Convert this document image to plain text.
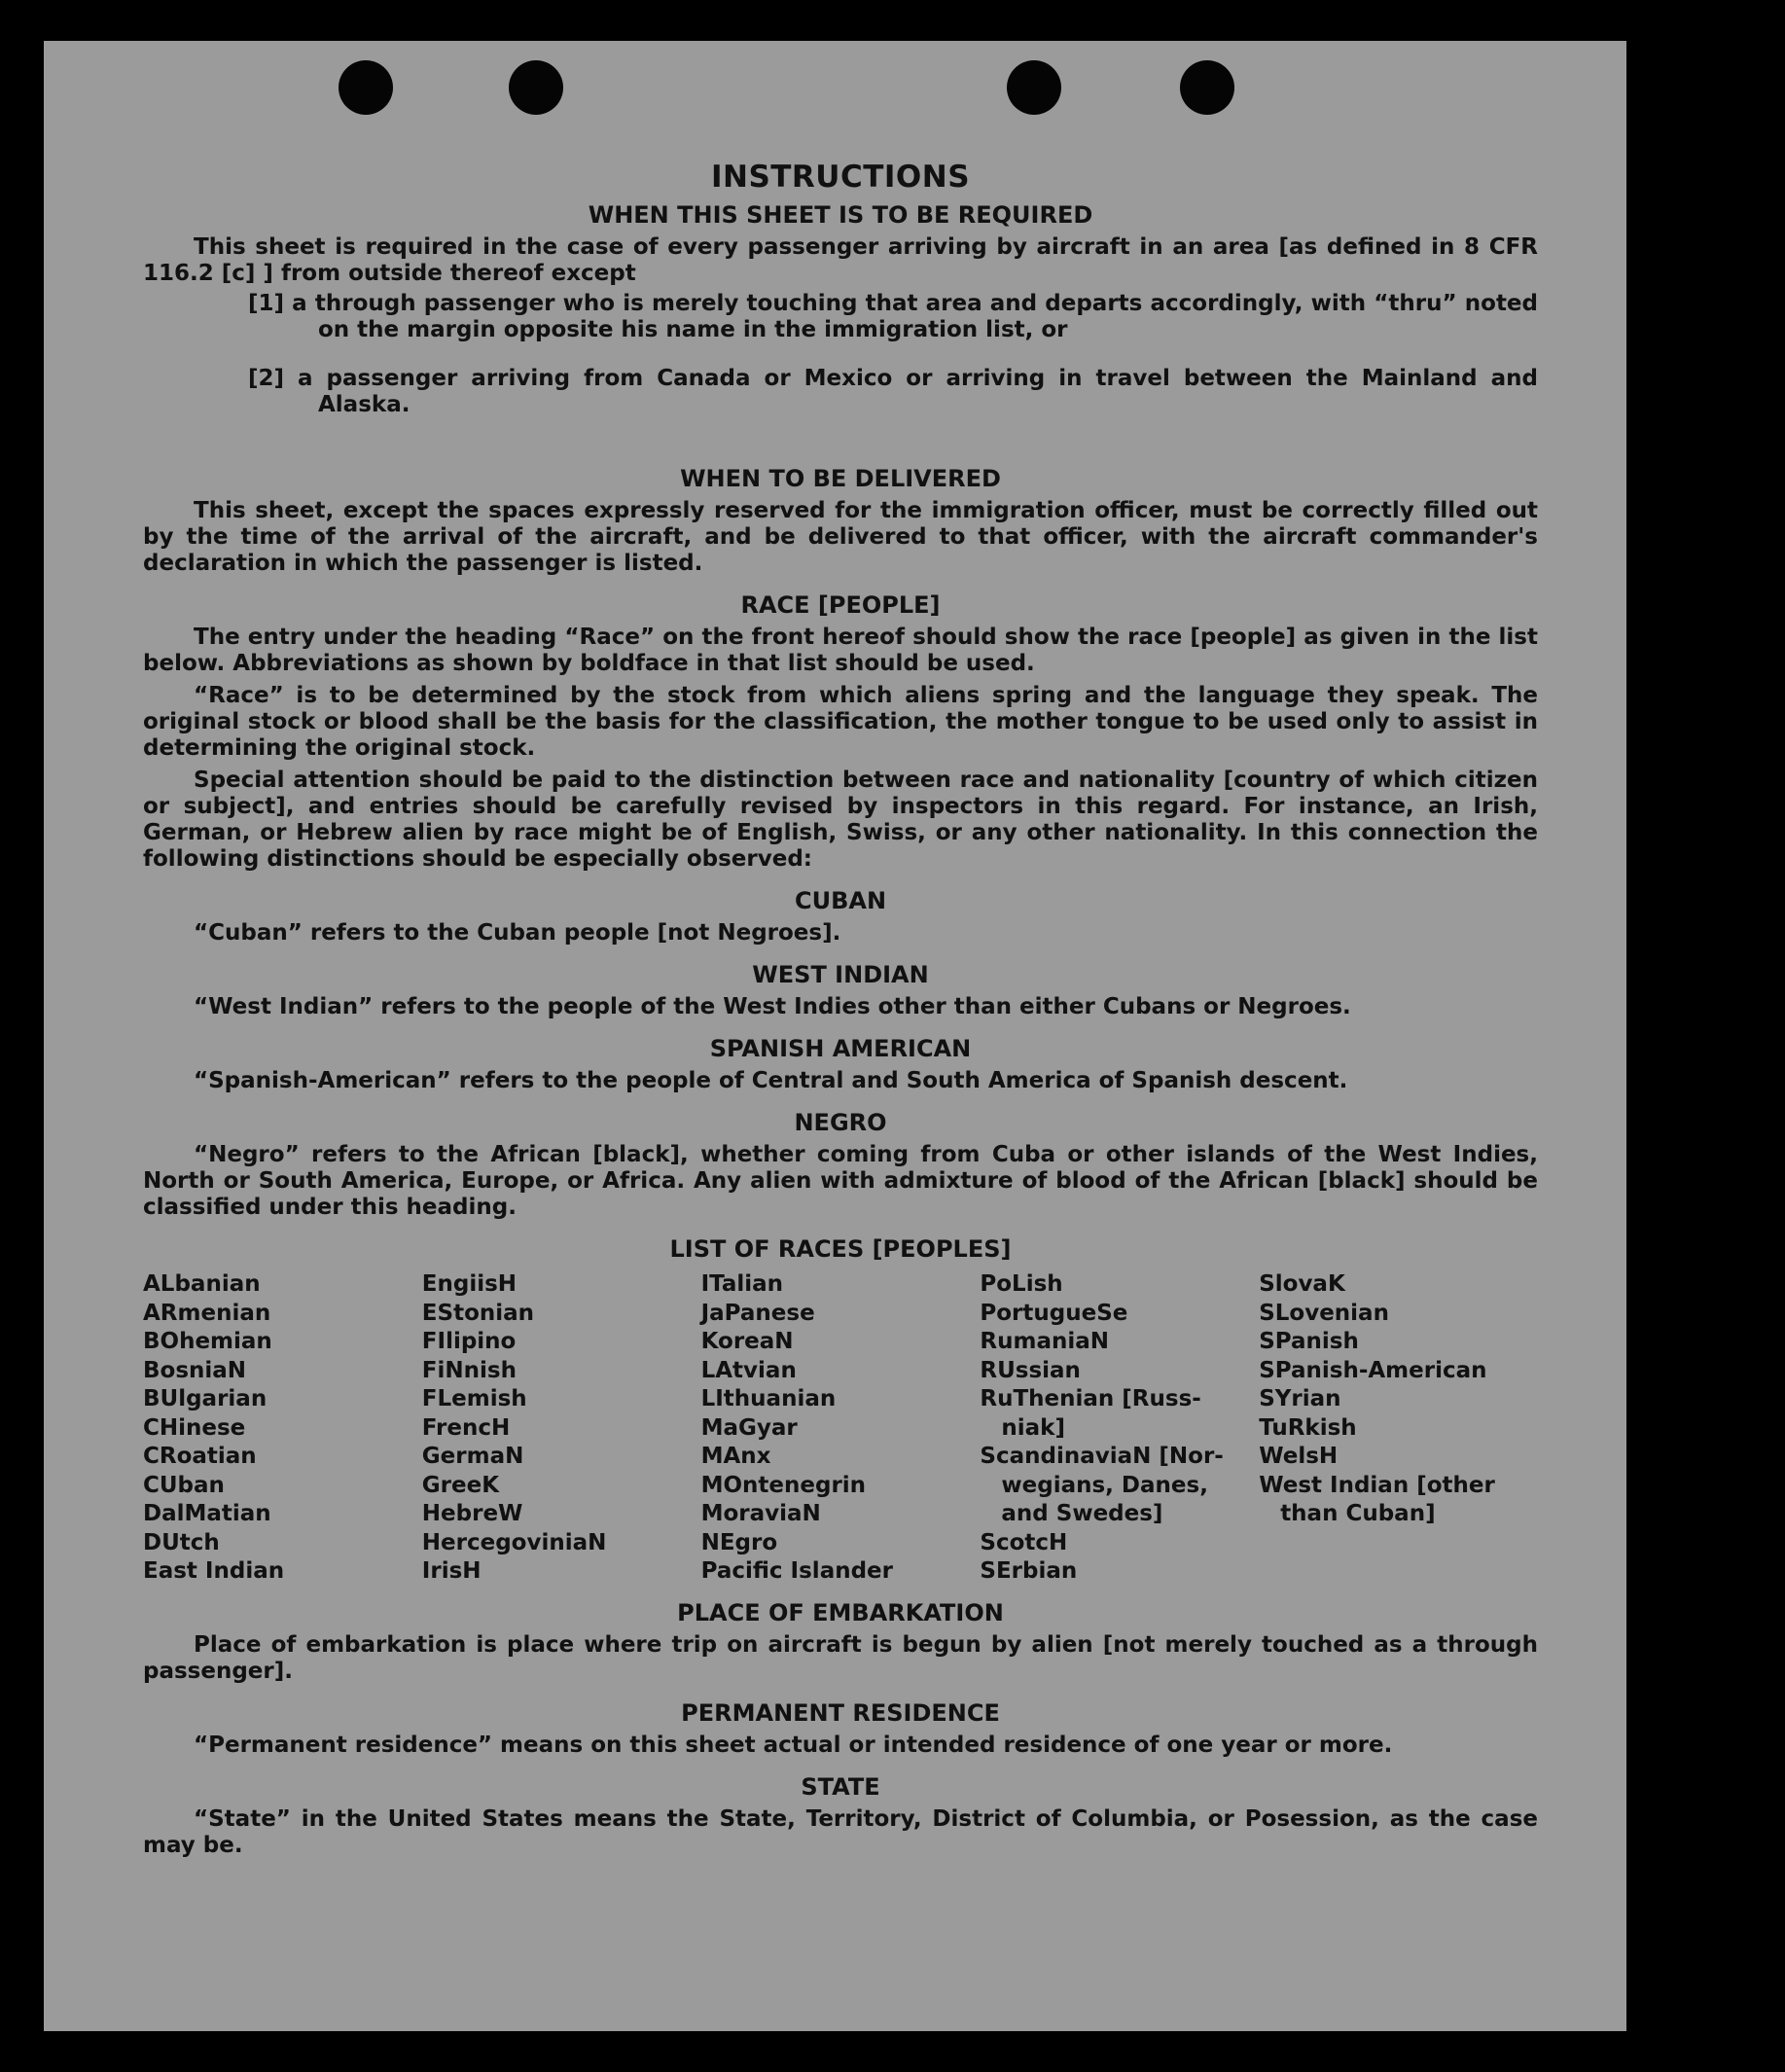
INSTRUCTIONS
WHEN THIS SHEET IS TO BE REQUIRED

This sheet is required in the case of every passenger arriving by aircraft in an area [as defined in 8 CFR 116.2 [c] ] from outside thereof except

[1] a through passenger who is merely touching that area and departs accordingly, with “thru” noted on the margin opposite his name in the immigration list, or

[2] a passenger arriving from Canada or Mexico or arriving in travel between the Mainland and Alaska.

WHEN TO BE DELIVERED

This sheet, except the spaces expressly reserved for the immigration officer, must be correctly filled out by the time of the arrival of the aircraft, and be delivered to that officer, with the aircraft commander's declaration in which the passenger is listed.

RACE [PEOPLE]

The entry under the heading “Race” on the front hereof should show the race [people] as given in the list below. Abbreviations as shown by boldface in that list should be used.

“Race” is to be determined by the stock from which aliens spring and the language they speak. The original stock or blood shall be the basis for the classification, the mother tongue to be used only to assist in determining the original stock.

Special attention should be paid to the distinction between race and nationality [country of which citizen or subject], and entries should be carefully revised by inspectors in this regard. For instance, an Irish, German, or Hebrew alien by race might be of English, Swiss, or any other nationality. In this connection the following distinctions should be especially observed:

CUBAN

“Cuban” refers to the Cuban people [not Negroes].

WEST INDIAN

“West Indian” refers to the people of the West Indies other than either Cubans or Negroes.

SPANISH AMERICAN

“Spanish-American” refers to the people of Central and South America of Spanish descent.

NEGRO

“Negro” refers to the African [black], whether coming from Cuba or other islands of the West Indies, North or South America, Europe, or Africa. Any alien with admixture of blood of the African [black] should be classified under this heading.

LIST OF RACES [PEOPLES]
ALbanian
ARmenian
BOhemian
BosniaN
BUlgarian
CHinese
CRoatian
CUban
DalMatian
DUtch
East Indian
EngiisH
EStonian
FIlipino
FiNnish
FLemish
FrencH
GermaN
GreeK
HebreW
HercegoviniaN
IrisH
ITalian
JaPanese
KoreaN
LAtvian
LIthuanian
MaGyar
MAnx
MOntenegrin
MoraviaN
NEgro
Pacific Islander
PoLish
PortugueSe
RumaniaN
RUssian
RuThenian [Russ-
niak]
ScandinaviaN [Nor-
wegians, Danes,
and Swedes]
ScotcH
SErbian
SlovaK
SLovenian
SPanish
SPanish-American
SYrian
TuRkish
WelsH
West Indian [other
than Cuban]
PLACE OF EMBARKATION

Place of embarkation is place where trip on aircraft is begun by alien [not merely touched as a through passenger].

PERMANENT RESIDENCE

“Permanent residence” means on this sheet actual or intended residence of one year or more.

STATE

“State” in the United States means the State, Territory, District of Columbia, or Posession, as the case may be.
